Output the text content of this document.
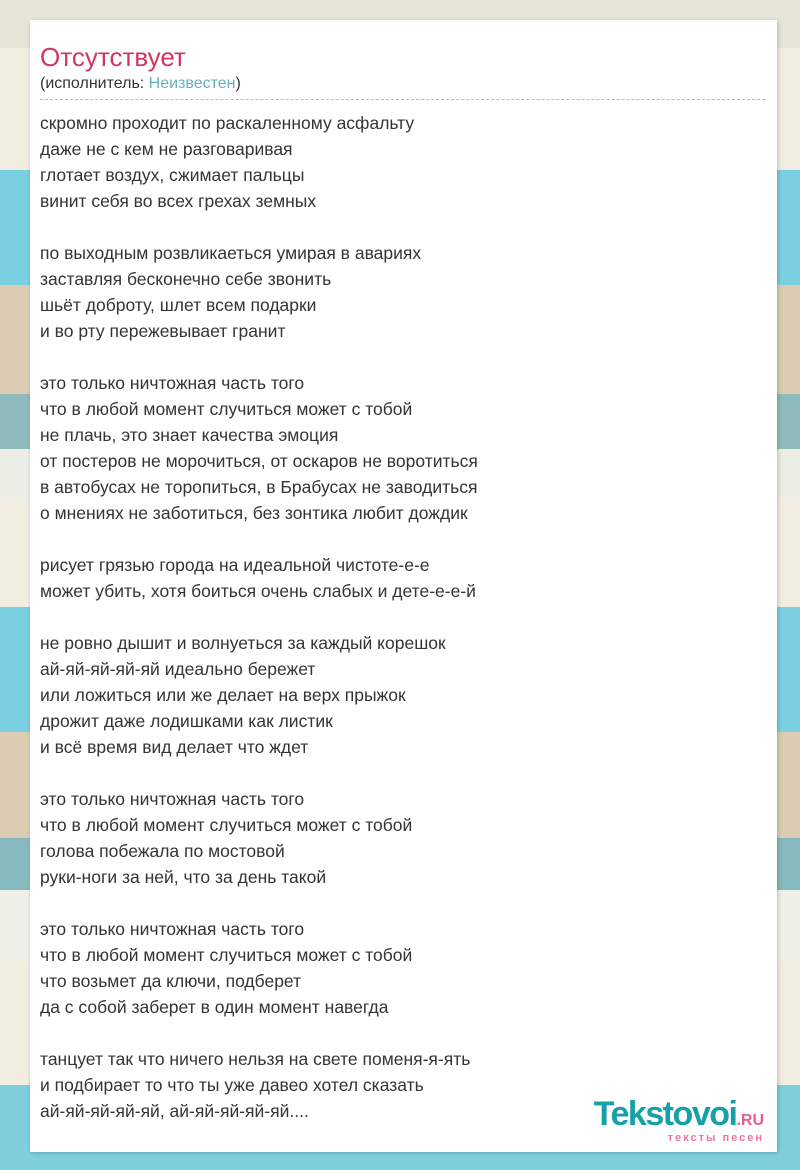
Отсутствует
(исполнитель: Неизвестен)
скромно проходит по раскаленному асфальту
даже не с кем не разговаривая
глотает воздух, сжимает пальцы
винит себя во всех грехах земных
по выходным розвликаеться умирая в авариях
заставляя бесконечно себе звонить
шьёт доброту, шлет всем подарки
и во рту пережевывает гранит
это только ничтожная часть того
что в любой момент случиться может с тобой
не плачь, это знает качества эмоция
от постеров не морочиться, от оскаров не воротиться
в автобусах не торопиться, в Брабусах не заводиться
о мнениях не заботиться, без зонтика любит дождик
рисует грязью города на идеальной чистоте-е-е
может убить, хотя боиться очень слабых и дете-е-е-й
не ровно дышит и волнуеться за каждый корешок
ай-яй-яй-яй-яй идеально бережет
или ложиться или же делает на верх прыжок
дрожит даже лодишками как листик
и всё время вид делает что ждет
это только ничтожная часть того
что в любой момент случиться может с тобой
голова побежала по мостовой
руки-ноги за ней, что за день такой
это только ничтожная часть того
что в любой момент случиться может с тобой
что возьмет да ключи, подберет
да с собой заберет в один момент навегда
танцует так что ничего нельзя на свете поменя-я-ять
и подбирает то что ты уже давео хотел сказать
ай-яй-яй-яй-яй, ай-яй-яй-яй-яй....	Tekstovoi.RU
тексты песен
